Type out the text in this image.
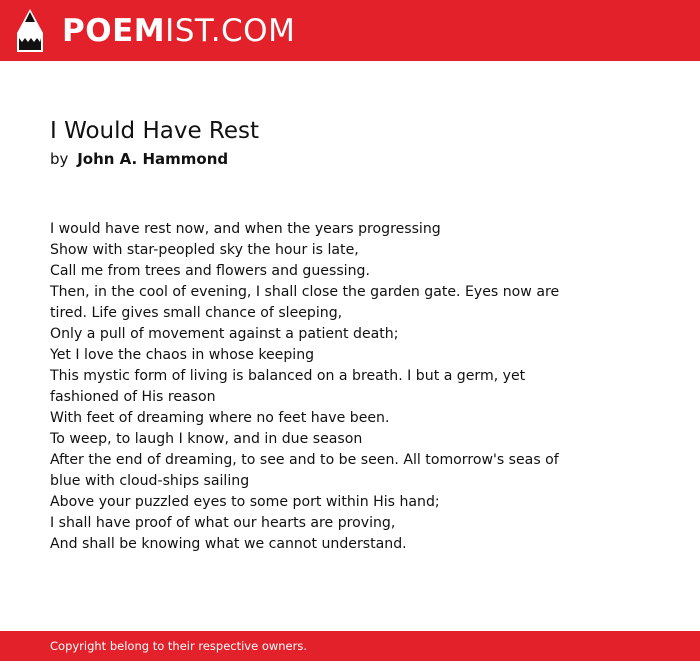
POEMIST.COM
I Would Have Rest
by John A. Hammond
I would have rest now, and when the years progressing
Show with star-peopled sky the hour is late,
Call me from trees and flowers and guessing.
Then, in the cool of evening, I shall close the garden gate. Eyes now are
tired. Life gives small chance of sleeping,
Only a pull of movement against a patient death;
Yet I love the chaos in whose keeping
This mystic form of living is balanced on a breath. I but a germ, yet
fashioned of His reason
With feet of dreaming where no feet have been.
To weep, to laugh I know, and in due season
After the end of dreaming, to see and to be seen. All tomorrow's seas of
blue with cloud-ships sailing
Above your puzzled eyes to some port within His hand;
I shall have proof of what our hearts are proving,
And shall be knowing what we cannot understand.
Copyright belong to their respective owners.
